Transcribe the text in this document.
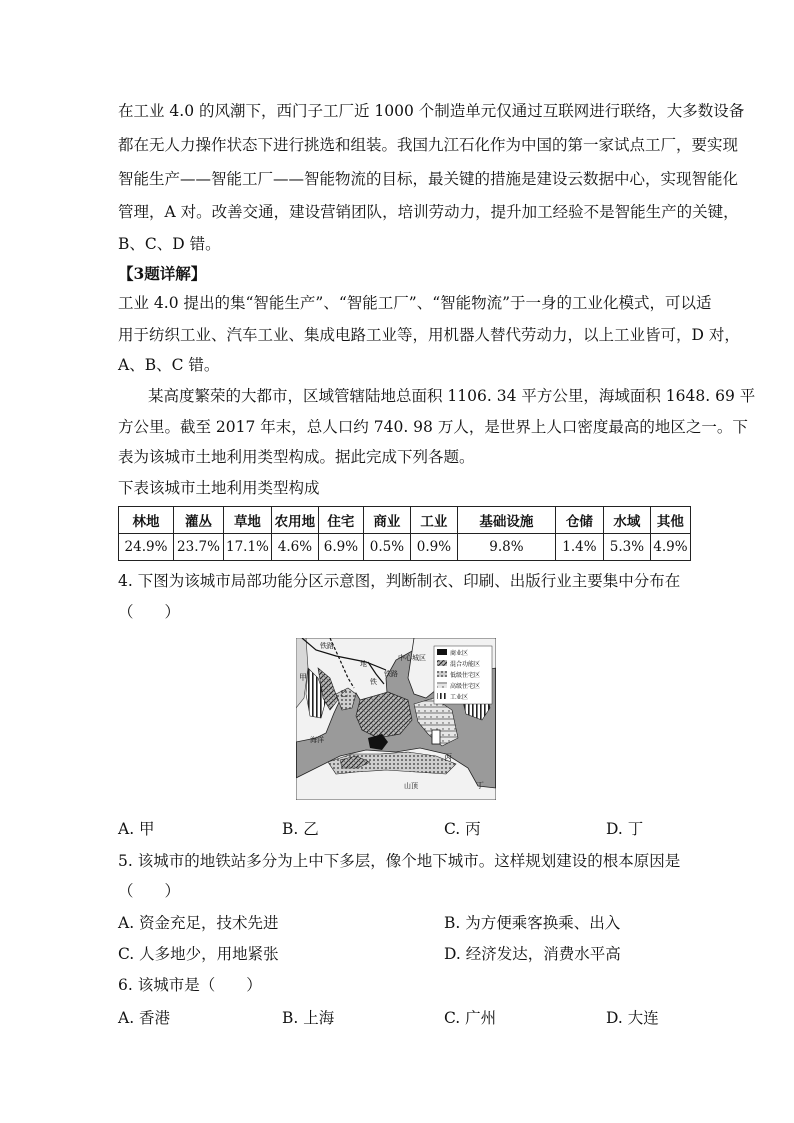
在工业 4.0 的风潮下，西门子工厂近 1000 个制造单元仅通过互联网进行联络，大多数设备
都在无人力操作状态下进行挑选和组装。我国九江石化作为中国的第一家试点工厂，要实现
智能生产——智能工厂——智能物流的目标，最关键的措施是建设云数据中心，实现智能化
管理，A 对。改善交通，建设营销团队，培训劳动力，提升加工经验不是智能生产的关键，
B、C、D 错。
【3题详解】
工业 4.0 提出的集“智能生产”、“智能工厂”、“智能物流”于一身的工业化模式，可以适
用于纺织工业、汽车工业、集成电路工业等，用机器人替代劳动力，以上工业皆可，D 对，
A、B、C 错。
某高度繁荣的大都市，区域管辖陆地总面积 1106. 34 平方公里，海域面积 1648. 69 平
方公里。截至 2017 年末，总人口约 740. 98 万人，是世界上人口密度最高的地区之一。下
表为该城市土地利用类型构成。据此完成下列各题。
下表该城市土地利用类型构成
林地	灌丛	草地	农用地	住宅	商业	工业	基础设施	仓储	水域	其他
24.9%	23.7%	17.1%	4.6%	6.9%	0.5%	0.9%	9.8%	1.4%	5.3%	4.9%
4. 下图为该城市局部功能分区示意图，判断制衣、印刷、出版行业主要集中分布在
（　　）
铁路
中心城区
地
铁
铁路
甲
乙
丙
丁
海洋
山顶
商业区
混合功能区
低级住宅区
高级住宅区
工业区
A. 甲	B. 乙	C. 丙	D. 丁
5. 该城市的地铁站多分为上中下多层，像个地下城市。这样规划建设的根本原因是
（　　）
A. 资金充足，技术先进	B. 为方便乘客换乘、出入
C. 人多地少，用地紧张	D. 经济发达，消费水平高
6. 该城市是（　　）
A. 香港	B. 上海	C. 广州	D. 大连
